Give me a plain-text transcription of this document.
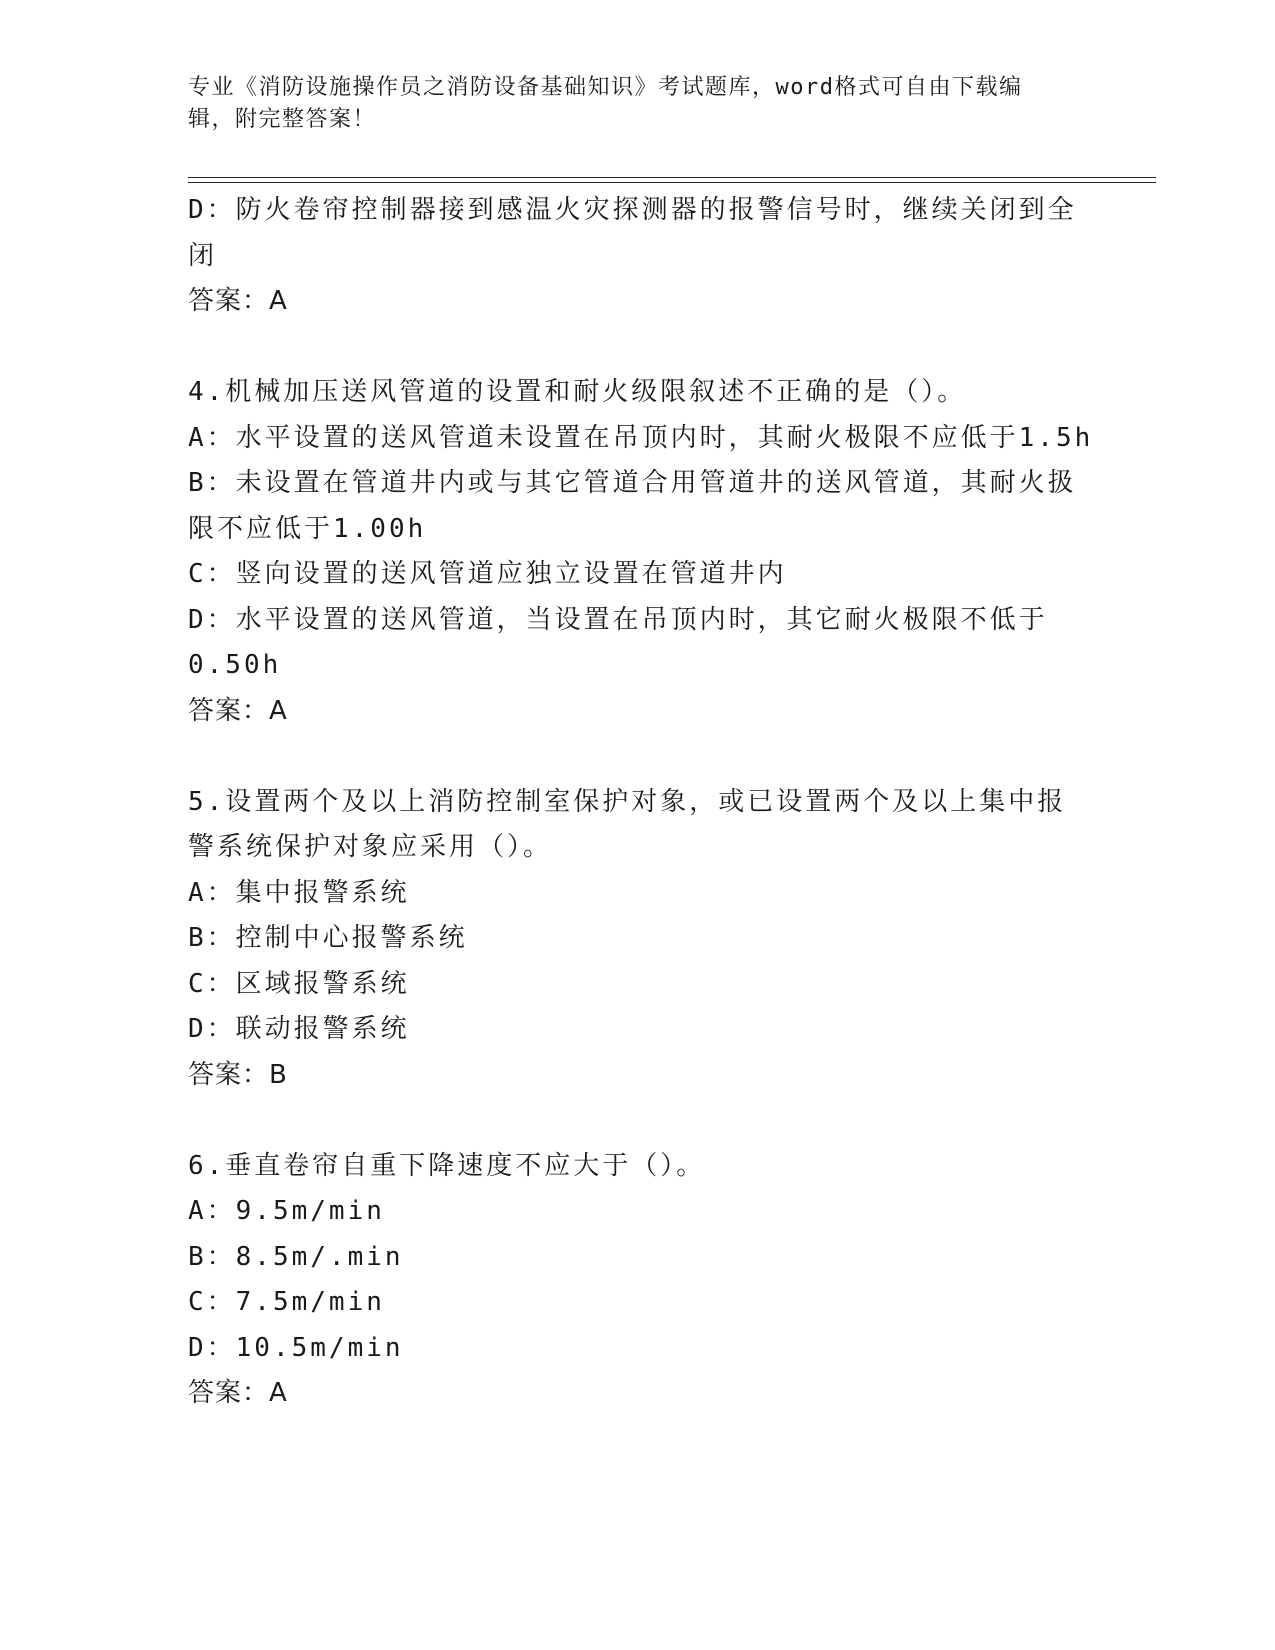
专业《消防设施操作员之消防设备基础知识》考试题库，word格式可自由下载编
辑，附完整答案！
D：防火卷帘控制器接到感温火灾探测器的报警信号时，继续关闭到全
闭
答案：A
4.机械加压送风管道的设置和耐火级限叙述不正确的是（）。
A：水平设置的送风管道未设置在吊顶内时，其耐火极限不应低于1.5h
B：未设置在管道井内或与其它管道合用管道井的送风管道，其耐火扱
限不应低于1.00h
C：竖向设置的送风管道应独立设置在管道井内
D：水平设置的送风管道，当设置在吊顶内时，其它耐火极限不低于
0.50h
答案：A
5.设置两个及以上消防控制室保护对象，或已设置两个及以上集中报
警系统保护对象应采用（）。
A：集中报警系统
B：控制中心报警系统
C：区域报警系统
D：联动报警系统
答案：B
6.垂直卷帘自重下降速度不应大于（）。
A：9.5m/min
B：8.5m/.min
C：7.5m/min
D：10.5m/min
答案：A
